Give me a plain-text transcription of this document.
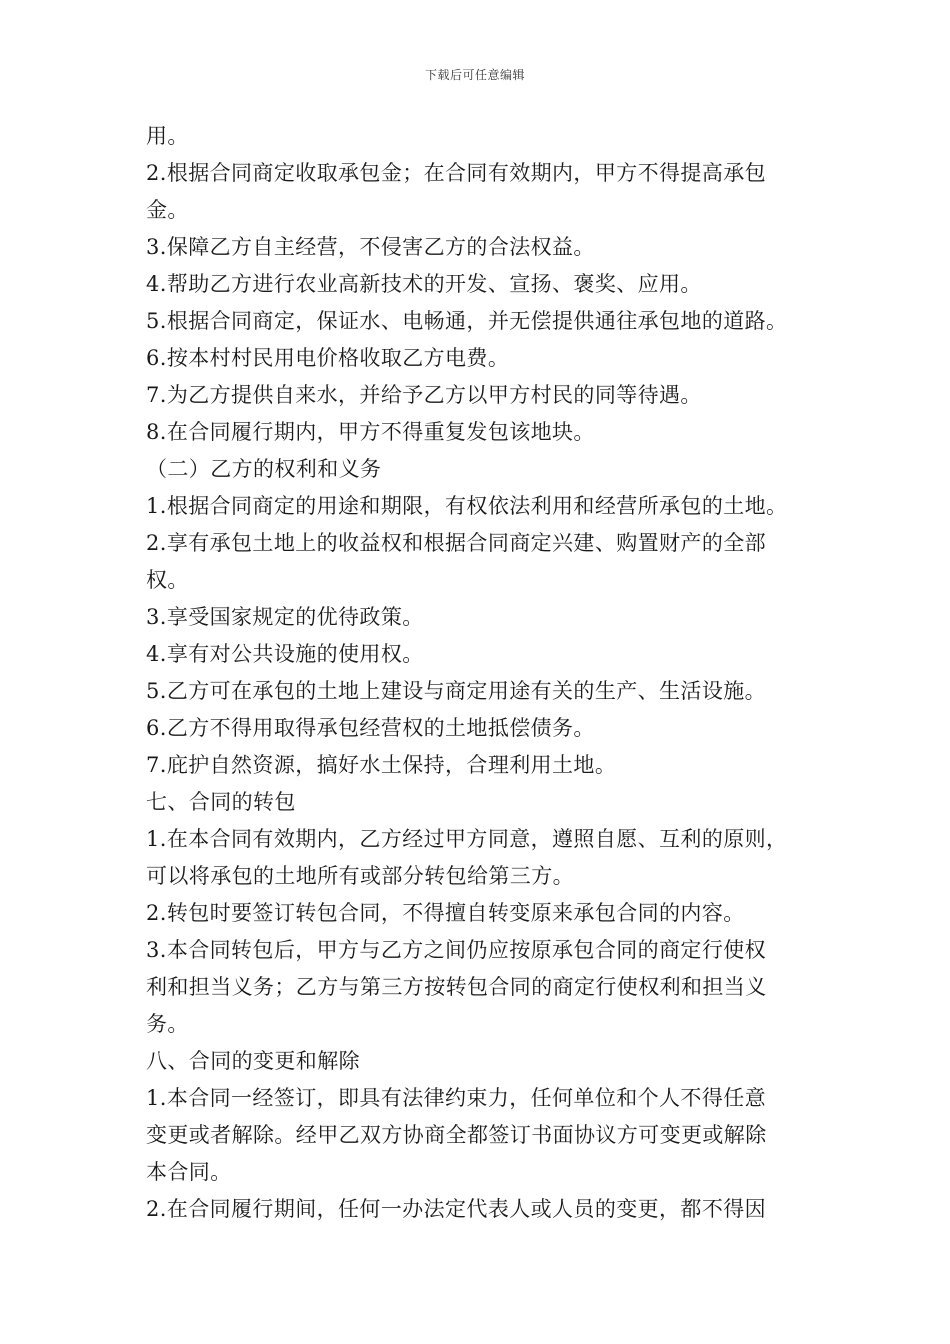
下载后可任意编辑
用。
2.根据合同商定收取承包金；在合同有效期内，甲方不得提高承包
金。
3.保障乙方自主经营，不侵害乙方的合法权益。
4.帮助乙方进行农业高新技术的开发、宣扬、褒奖、应用。
5.根据合同商定，保证水、电畅通，并无偿提供通往承包地的道路。
6.按本村村民用电价格收取乙方电费。
7.为乙方提供自来水，并给予乙方以甲方村民的同等待遇。
8.在合同履行期内，甲方不得重复发包该地块。
（二）乙方的权利和义务
1.根据合同商定的用途和期限，有权依法利用和经营所承包的土地。
2.享有承包土地上的收益权和根据合同商定兴建、购置财产的全部
权。
3.享受国家规定的优待政策。
4.享有对公共设施的使用权。
5.乙方可在承包的土地上建设与商定用途有关的生产、生活设施。
6.乙方不得用取得承包经营权的土地抵偿债务。
7.庇护自然资源，搞好水土保持，合理利用土地。
七、合同的转包
1.在本合同有效期内，乙方经过甲方同意，遵照自愿、互利的原则，
可以将承包的土地所有或部分转包给第三方。
2.转包时要签订转包合同，不得擅自转变原来承包合同的内容。
3.本合同转包后，甲方与乙方之间仍应按原承包合同的商定行使权
利和担当义务；乙方与第三方按转包合同的商定行使权利和担当义
务。
八、合同的变更和解除
1.本合同一经签订，即具有法律约束力，任何单位和个人不得任意
变更或者解除。经甲乙双方协商全都签订书面协议方可变更或解除
本合同。
2.在合同履行期间，任何一办法定代表人或人员的变更，都不得因
